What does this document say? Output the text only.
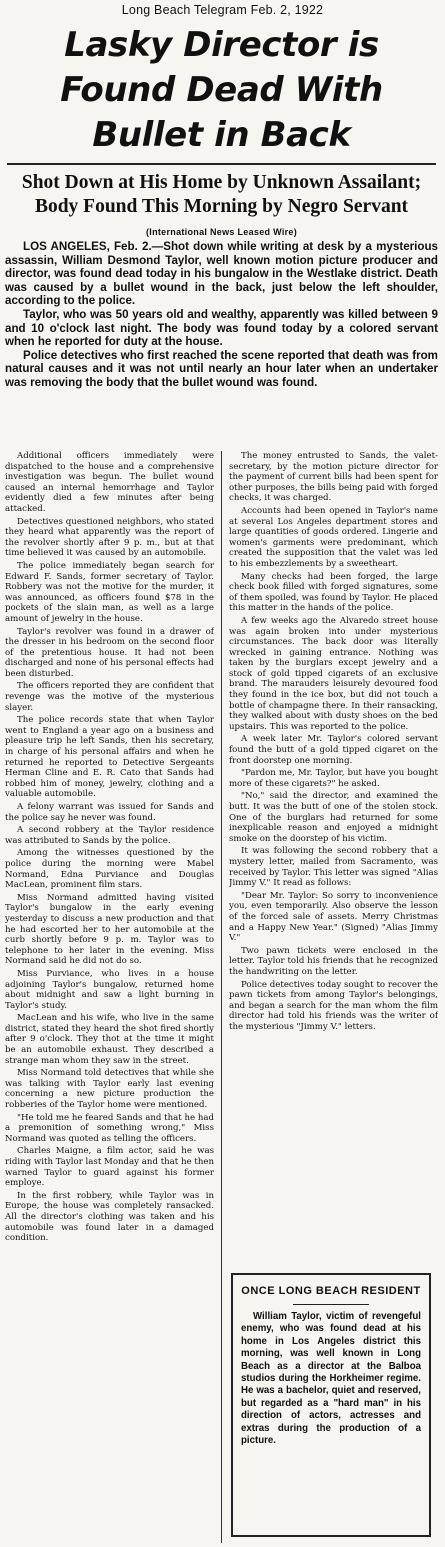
Long Beach Telegram Feb. 2, 1922
Lasky Director is
Found Dead With
Bullet in Back
Shot Down at His Home by Unknown Assailant; Body Found This Morning by Negro Servant
(International News Leased Wire)

LOS ANGELES, Feb. 2.—Shot down while writing at desk by a mysterious assassin, William Desmond Taylor, well known motion picture producer and director, was found dead today in his bungalow in the Westlake district. Death was caused by a bullet wound in the back, just below the left shoulder, according to the police.

Taylor, who was 50 years old and wealthy, apparently was killed between 9 and 10 o'clock last night. The body was found today by a colored servant when he reported for duty at the house.

Police detectives who first reached the scene reported that death was from natural causes and it was not until nearly an hour later when an undertaker was removing the body that the bullet wound was found.

Additional officers immediately were dispatched to the house and a comprehensive investigation was begun. The bullet wound caused an internal hemorrhage and Taylor evidently died a few minutes after being attacked.

Detectives questioned neighbors, who stated they heard what apparently was the report of the revolver shortly after 9 p. m., but at that time believed it was caused by an automobile.

The police immediately began search for Edward F. Sands, former secretary of Taylor. Robbery was not the motive for the murder, it was announced, as officers found $78 in the pockets of the slain man, as well as a large amount of jewelry in the house.

Taylor's revolver was found in a drawer of the dresser in his bedroom on the second floor of the pretentious house. It had not been discharged and none of his personal effects had been disturbed.

The officers reported they are confident that revenge was the motive of the mysterious slayer.

The police records state that when Taylor went to England a year ago on a business and pleasure trip he left Sands, then his secretary, in charge of his personal affairs and when he returned he reported to Detective Sergeants Herman Cline and E. R. Cato that Sands had robbed him of money, jewelry, clothing and a valuable automobile.

A felony warrant was issued for Sands and the police say he never was found.

A second robbery at the Taylor residence was attributed to Sands by the police.

Among the witnesses questioned by the police during the morning were Mabel Normand, Edna Purviance and Douglas MacLean, prominent film stars.

Miss Normand admitted having visited Taylor's bungalow in the early evening yesterday to discuss a new production and that he had escorted her to her automobile at the curb shortly before 9 p. m. Taylor was to telephone to her later in the evening. Miss Normand said he did not do so.

Miss Purviance, who lives in a house adjoining Taylor's bungalow, returned home about midnight and saw a light burning in Taylor's study.

MacLean and his wife, who live in the same district, stated they heard the shot fired shortly after 9 o'clock. They thot at the time it might be an automobile exhaust. They described a strange man whom they saw in the street.

Miss Normand told detectives that while she was talking with Taylor early last evening concerning a new picture production the robberies of the Taylor home were mentioned.

"He told me he feared Sands and that he had a premonition of something wrong," Miss Normand was quoted as telling the officers.

Charles Maigne, a film actor, said he was riding with Taylor last Monday and that he then warned Taylor to guard against his former employe.

In the first robbery, while Taylor was in Europe, the house was completely ransacked. All the director's clothing was taken and his automobile was found later in a damaged condition.

The money entrusted to Sands, the valet-secretary, by the motion picture director for the payment of current bills had been spent for other purposes, the bills being paid with forged checks, it was charged.

Accounts had been opened in Taylor's name at several Los Angeles department stores and large quantities of goods ordered. Lingerie and women's garments were predominant, which created the supposition that the valet was led to his embezzlements by a sweetheart.

Many checks had been forged, the large check book filled with forged signatures, some of them spoiled, was found by Taylor. He placed this matter in the hands of the police.

A few weeks ago the Alvaredo street house was again broken into under mysterious circumstances. The back door was literally wrecked in gaining entrance. Nothing was taken by the burglars except jewelry and a stock of gold tipped cigarets of an exclusive brand. The marauders leisurely devoured food they found in the ice box, but did not touch a bottle of champagne there. In their ransacking, they walked about with dusty shoes on the bed upstairs. This was reported to the police.

A week later Mr. Taylor's colored servant found the butt of a gold tipped cigaret on the front doorstep one morning.

"Pardon me, Mr. Taylor, but have you bought more of these cigarets?" he asked.

"No," said the director, and examined the butt. It was the butt of one of the stolen stock. One of the burglars had returned for some inexplicable reason and enjoyed a midnight smoke on the doorstep of his victim.

It was following the second robbery that a mystery letter, mailed from Sacramento, was received by Taylor. This letter was signed "Alias Jimmy V." It read as follows:

"Dear Mr. Taylor: So sorry to inconvenience you, even temporarily. Also observe the lesson of the forced sale of assets. Merry Christmas and a Happy New Year." (Signed) "Alias Jimmy V."

Two pawn tickets were enclosed in the letter. Taylor told his friends that he recognized the handwriting on the letter.

Police detectives today sought to recover the pawn tickets from among Taylor's belongings, and began a search for the man whom the film director had told his friends was the writer of the mysterious "Jimmy V." letters.

ONCE LONG BEACH RESIDENT

William Taylor, victim of revengeful enemy, who was found dead at his home in Los Angeles district this morning, was well known in Long Beach as a director at the Balboa studios during the Horkheimer regime. He was a bachelor, quiet and reserved, but regarded as a "hard man" in his direction of actors, actresses and extras during the production of a picture.
